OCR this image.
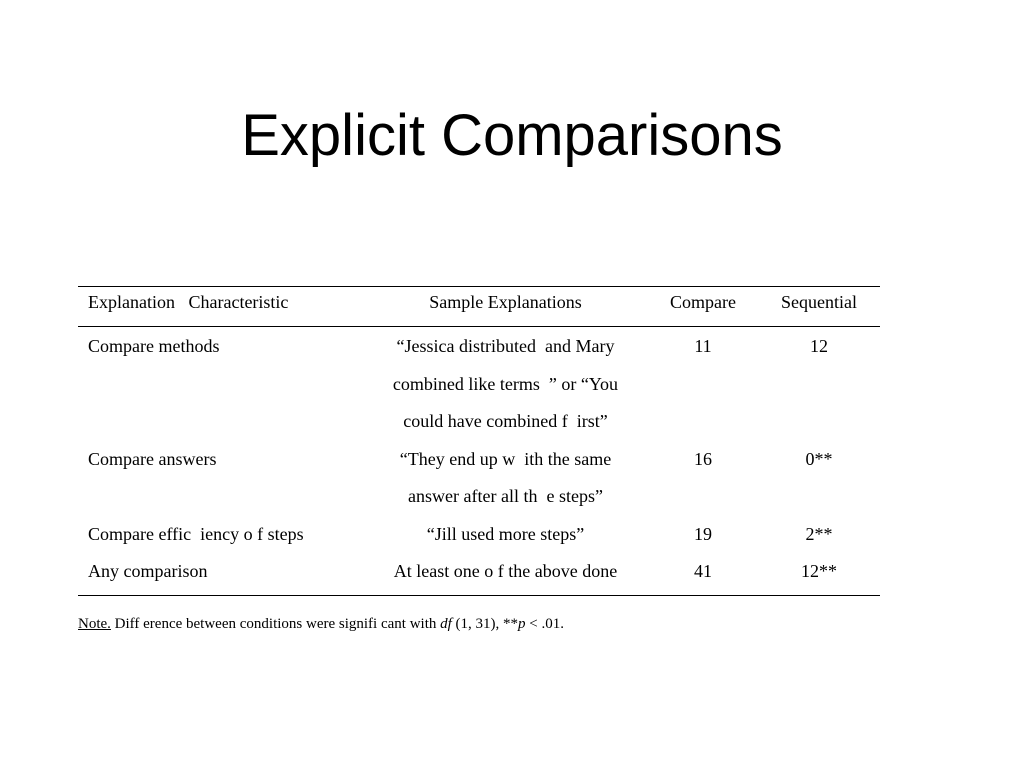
Explicit Comparisons
Explanation   Characteristic	Sample Explanations	Compare	Sequential
Compare methods	“Jessica distributed  and Mary
combined like terms  ” or “You
could have combined f  irst”	11	12
Compare answers	“They end up w  ith the same
answer after all th  e steps”	16	0**
Compare effic  iency o f steps	“Jill used more steps”	19	2**
Any comparison	At least one o f the above done	41	12**
Note. Diff erence between conditions were signifi cant with df (1, 31), **p < .01.
